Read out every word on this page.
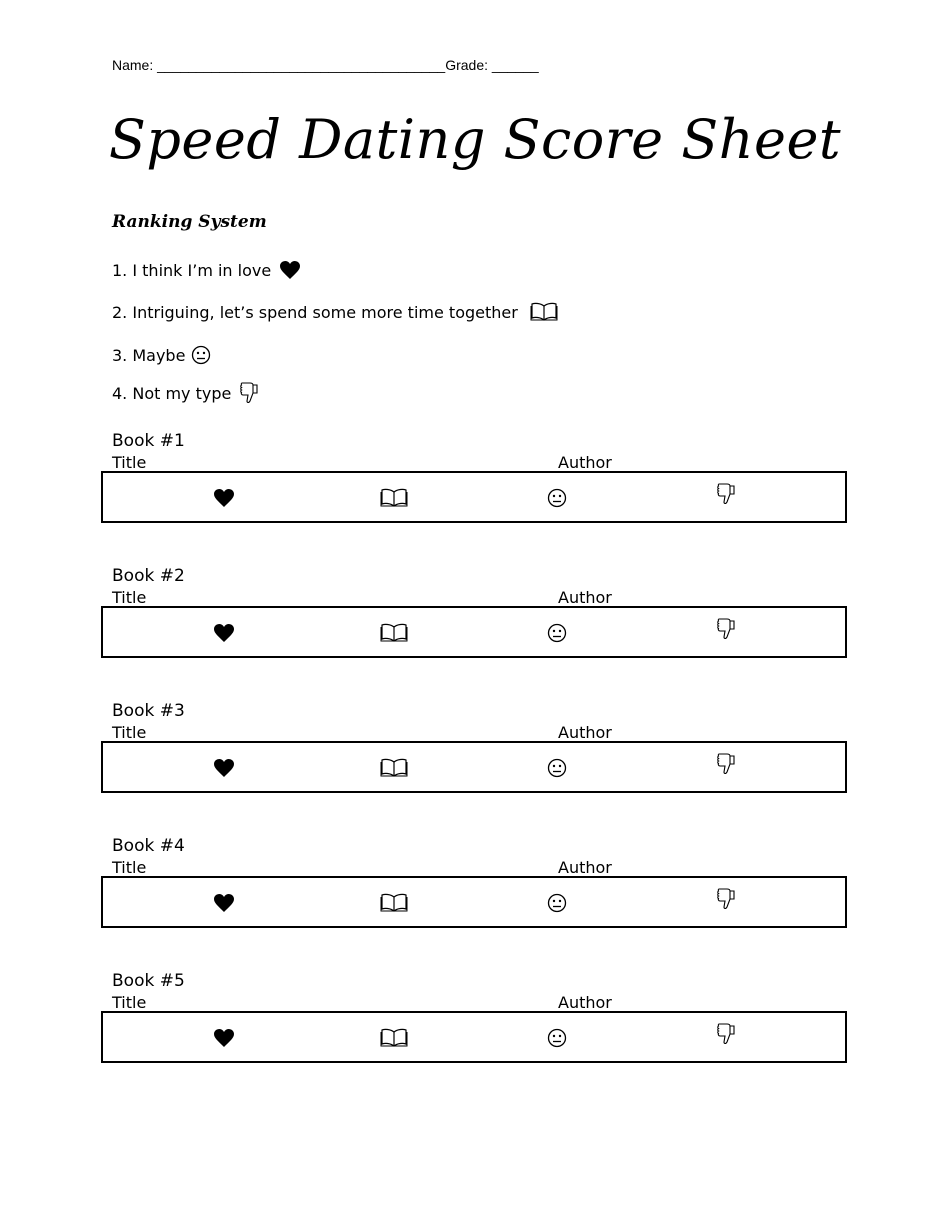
Name: _____________________________________Grade: ______
Speed Dating Score Sheet
Ranking System
1. I think I’m in love
2. Intriguing, let’s spend some more time together
3. Maybe
4. Not my type
Book #1
Title	Author
Book #2
Title	Author
Book #3
Title	Author
Book #4
Title	Author
Book #5
Title	Author
